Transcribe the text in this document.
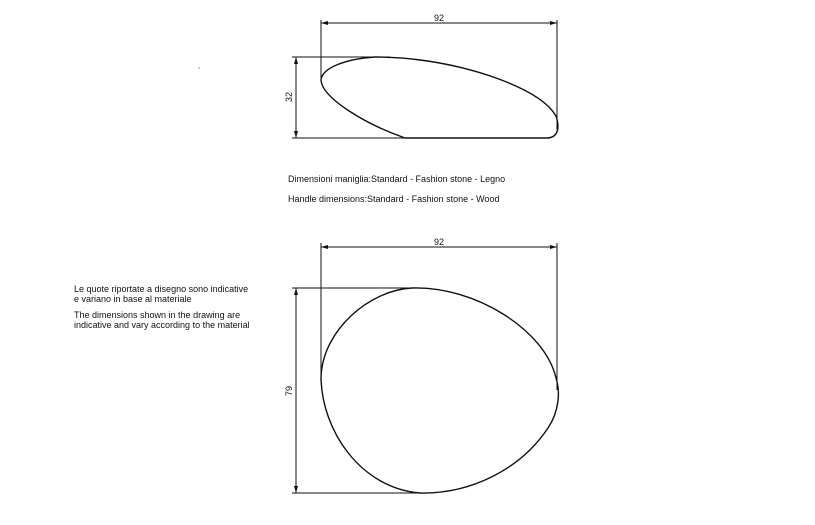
92
32
92
79
Dimensioni maniglia:Standard - Fashion stone - Legno
Handle dimensions:Standard - Fashion stone - Wood
Le quote riportate a disegno sono indicative
e variano in base al materiale
The dimensions shown in the drawing are
indicative and vary according to the material
